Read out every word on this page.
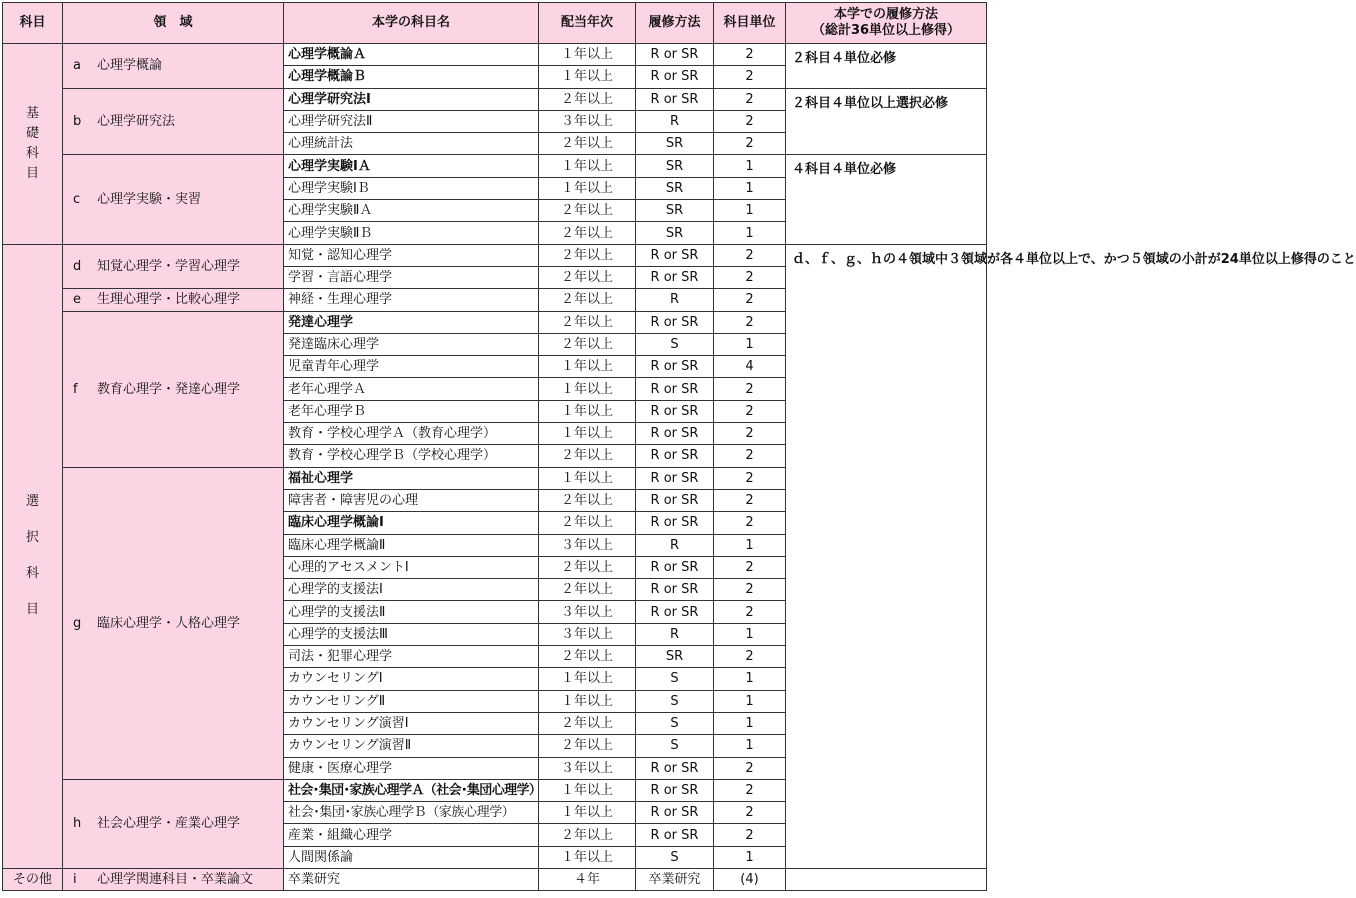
科目	領　域	本学の科目名	配当年次	履修方法	科目単位	本学での履修方法
（総計36単位以上修得）

基礎科目	a 心理学概論	心理学概論Ａ	１年以上	R or SR	2	２科目４単位必修
		心理学概論Ｂ	１年以上	R or SR	2	
	b 心理学研究法	心理学研究法Ⅰ	２年以上	R or SR	2	２科目４単位以上選択必修
		心理学研究法Ⅱ	３年以上	R	2	
		心理統計法	２年以上	SR	2	
	c 心理学実験・実習	心理学実験ⅠＡ	１年以上	SR	1	４科目４単位必修
		心理学実験ⅠＢ	１年以上	SR	1	
		心理学実験ⅡＡ	２年以上	SR	1	
		心理学実験ⅡＢ	２年以上	SR	1	
選択科目	d 知覚心理学・学習心理学	知覚・認知心理学	２年以上	R or SR	2	ｄ、ｆ、ｇ、ｈの４領域中３領域が各４単位以上で、かつ５領域の小計が24単位以上修得のこと
		学習・言語心理学	２年以上	R or SR	2	
	e 生理心理学・比較心理学	神経・生理心理学	２年以上	R	2	
	f 教育心理学・発達心理学	発達心理学	２年以上	R or SR	2	
		発達臨床心理学	２年以上	S	1	
		児童青年心理学	１年以上	R or SR	4	
		老年心理学Ａ	１年以上	R or SR	2	
		老年心理学Ｂ	１年以上	R or SR	2	
		教育・学校心理学Ａ（教育心理学）	１年以上	R or SR	2	
		教育・学校心理学Ｂ（学校心理学）	２年以上	R or SR	2	
	g 臨床心理学・人格心理学	福祉心理学	１年以上	R or SR	2	
		障害者・障害児の心理	２年以上	R or SR	2	
		臨床心理学概論Ⅰ	２年以上	R or SR	2	
		臨床心理学概論Ⅱ	３年以上	R	1	
		心理的アセスメントⅠ	２年以上	R or SR	2	
		心理学的支援法Ⅰ	２年以上	R or SR	2	
		心理学的支援法Ⅱ	３年以上	R or SR	2	
		心理学的支援法Ⅲ	３年以上	R	1	
		司法・犯罪心理学	２年以上	SR	2	
		カウンセリングⅠ	１年以上	S	1	
		カウンセリングⅡ	１年以上	S	1	
		カウンセリング演習Ⅰ	２年以上	S	1	
		カウンセリング演習Ⅱ	２年以上	S	1	
		健康・医療心理学	３年以上	R or SR	2	
	h 社会心理学・産業心理学	社会･集団･家族心理学Ａ（社会･集団心理学）	１年以上	R or SR	2	
		社会･集団･家族心理学Ｂ（家族心理学）	１年以上	R or SR	2	
		産業・組織心理学	２年以上	R or SR	2	
		人間関係論	１年以上	S	1	
その他	i 心理学関連科目・卒業論文	卒業研究	４年	卒業研究	(4)	
